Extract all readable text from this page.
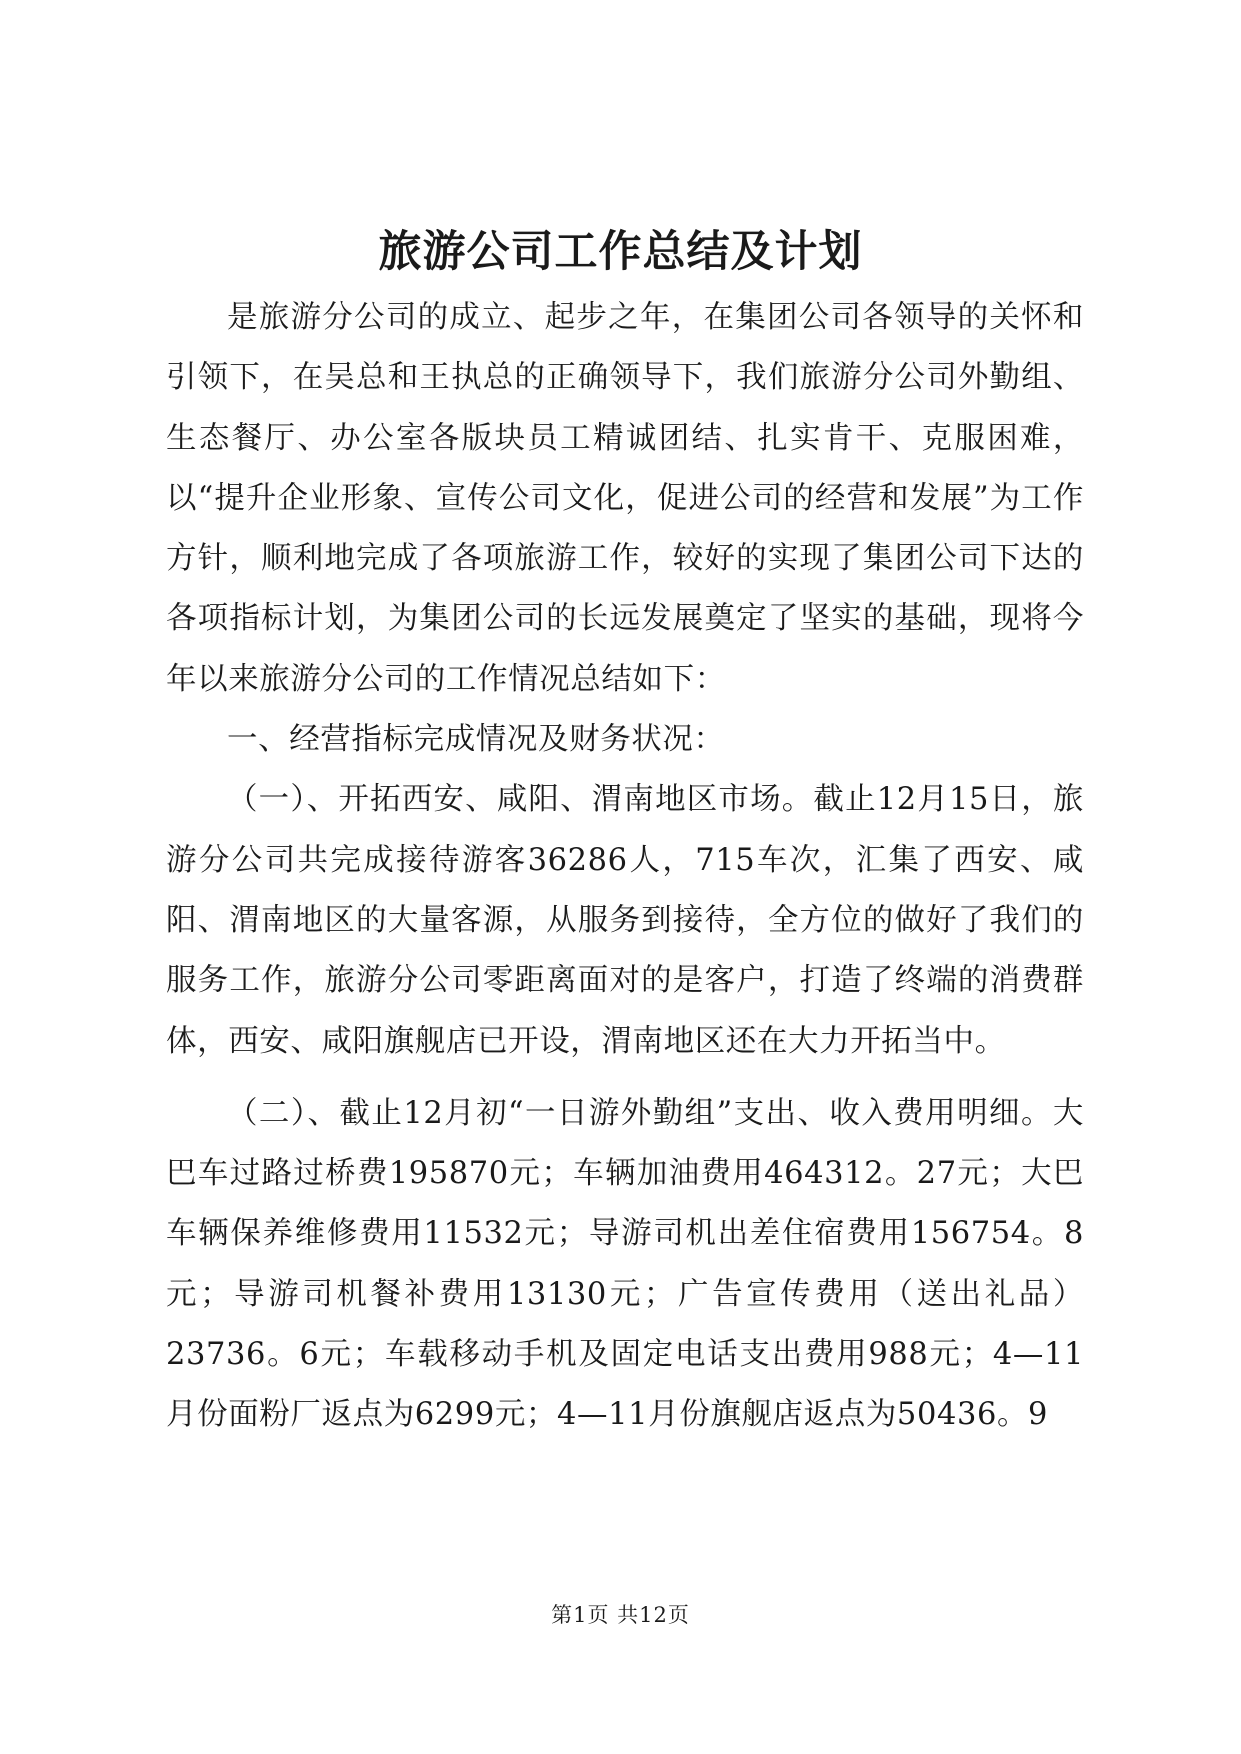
旅游公司工作总结及计划

是旅游分公司的成立、起步之年，在集团公司各领导的关怀和引领下，在吴总和王执总的正确领导下，我们旅游分公司外勤组、生态餐厅、办公室各版块员工精诚团结、扎实肯干、克服困难，以“提升企业形象、宣传公司文化，促进公司的经营和发展”为工作方针，顺利地完成了各项旅游工作，较好的实现了集团公司下达的各项指标计划，为集团公司的长远发展奠定了坚实的基础，现将今年以来旅游分公司的工作情况总结如下：

一、经营指标完成情况及财务状况：

（一）、开拓西安、咸阳、渭南地区市场。截止12月15日，旅游分公司共完成接待游客36286人，715车次，汇集了西安、咸阳、渭南地区的大量客源，从服务到接待，全方位的做好了我们的服务工作，旅游分公司零距离面对的是客户，打造了终端的消费群体，西安、咸阳旗舰店已开设，渭南地区还在大力开拓当中。

（二）、截止12月初“一日游外勤组”支出、收入费用明细。大巴车过路过桥费195870元；车辆加油费用464312。27元；大巴车辆保养维修费用11532元；导游司机出差住宿费用156754。8元；导游司机餐补费用13130元；广告宣传费用（送出礼品）23736。6元；车载移动手机及固定电话支出费用988元；4—11月份面粉厂返点为6299元；4—11月份旗舰店返点为50436。9

第1页 共12页
